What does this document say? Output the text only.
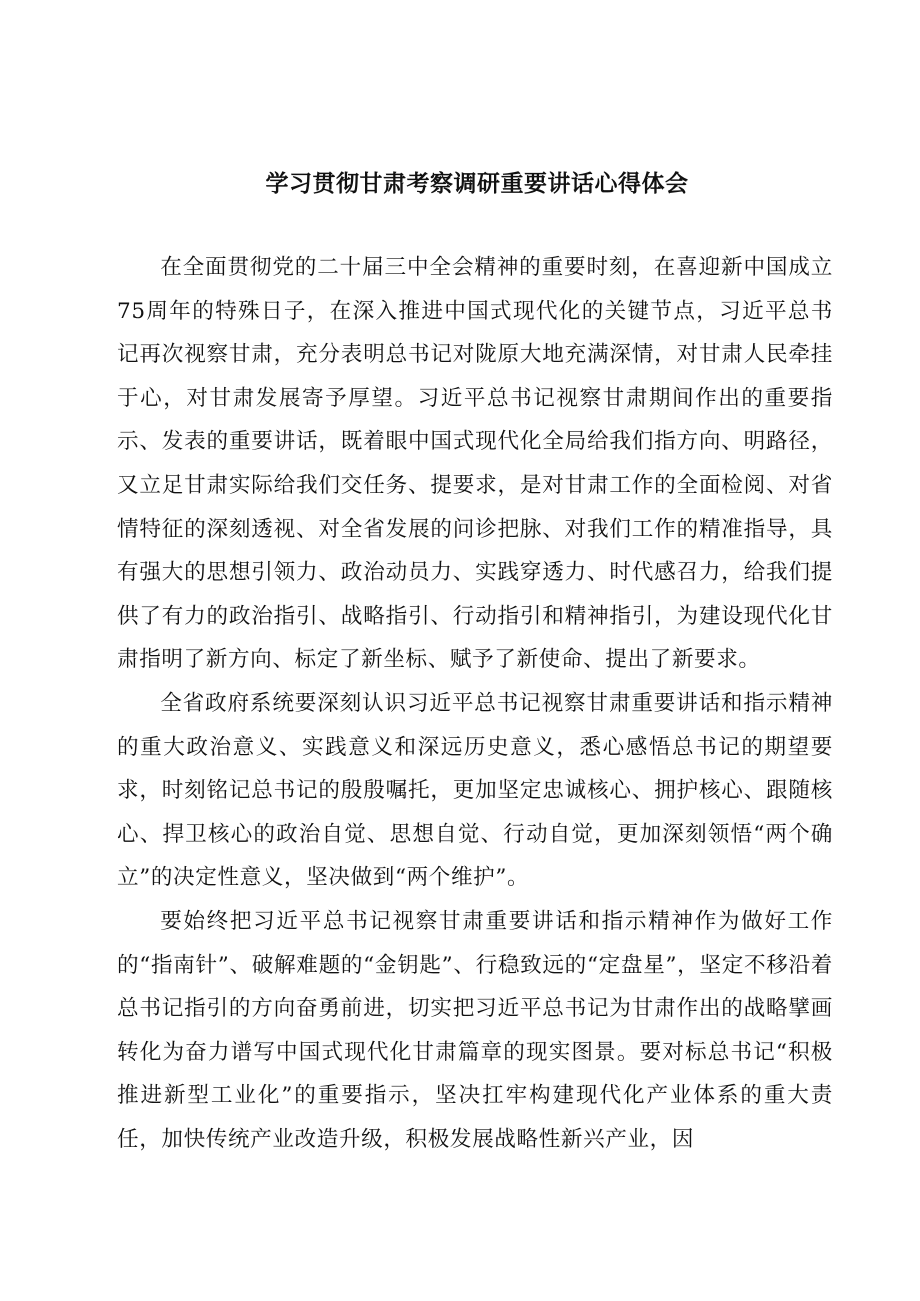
学习贯彻甘肃考察调研重要讲话心得体会

在全面贯彻党的二十届三中全会精神的重要时刻，在喜迎新中国成立75周年的特殊日子，在深入推进中国式现代化的关键节点，习近平总书记再次视察甘肃，充分表明总书记对陇原大地充满深情，对甘肃人民牵挂于心，对甘肃发展寄予厚望。习近平总书记视察甘肃期间作出的重要指示、发表的重要讲话，既着眼中国式现代化全局给我们指方向、明路径，又立足甘肃实际给我们交任务、提要求，是对甘肃工作的全面检阅、对省情特征的深刻透视、对全省发展的问诊把脉、对我们工作的精准指导，具有强大的思想引领力、政治动员力、实践穿透力、时代感召力，给我们提供了有力的政治指引、战略指引、行动指引和精神指引，为建设现代化甘肃指明了新方向、标定了新坐标、赋予了新使命、提出了新要求。

全省政府系统要深刻认识习近平总书记视察甘肃重要讲话和指示精神的重大政治意义、实践意义和深远历史意义，悉心感悟总书记的期望要求，时刻铭记总书记的殷殷嘱托，更加坚定忠诚核心、拥护核心、跟随核心、捍卫核心的政治自觉、思想自觉、行动自觉，更加深刻领悟“两个确立”的决定性意义，坚决做到“两个维护”。

要始终把习近平总书记视察甘肃重要讲话和指示精神作为做好工作的“指南针”、破解难题的“金钥匙”、行稳致远的“定盘星”，坚定不移沿着总书记指引的方向奋勇前进，切实把习近平总书记为甘肃作出的战略擘画转化为奋力谱写中国式现代化甘肃篇章的现实图景。要对标总书记“积极推进新型工业化”的重要指示，坚决扛牢构建现代化产业体系的重大责任，加快传统产业改造升级，积极发展战略性新兴产业，因
